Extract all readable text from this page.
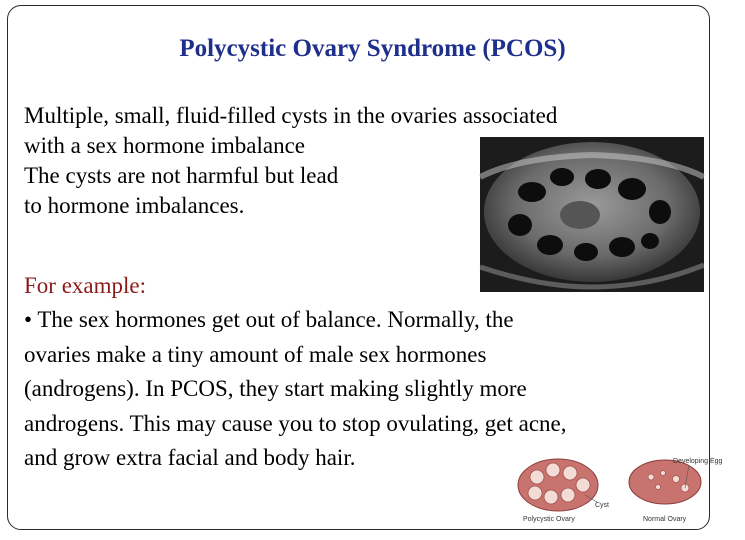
Polycystic Ovary Syndrome (PCOS)
Multiple, small, fluid-filled cysts in the ovaries associated
with a sex hormone imbalance
The cysts are not harmful but lead
to hormone imbalances.
For example:
• The sex hormones get out of balance. Normally, the
ovaries make a tiny amount of male sex hormones
(androgens). In PCOS, they start making slightly more
androgens. This may cause you to stop ovulating, get acne,
and grow extra facial and body hair.
Cyst
Polycystic Ovary
Developing Egg
Normal Ovary
